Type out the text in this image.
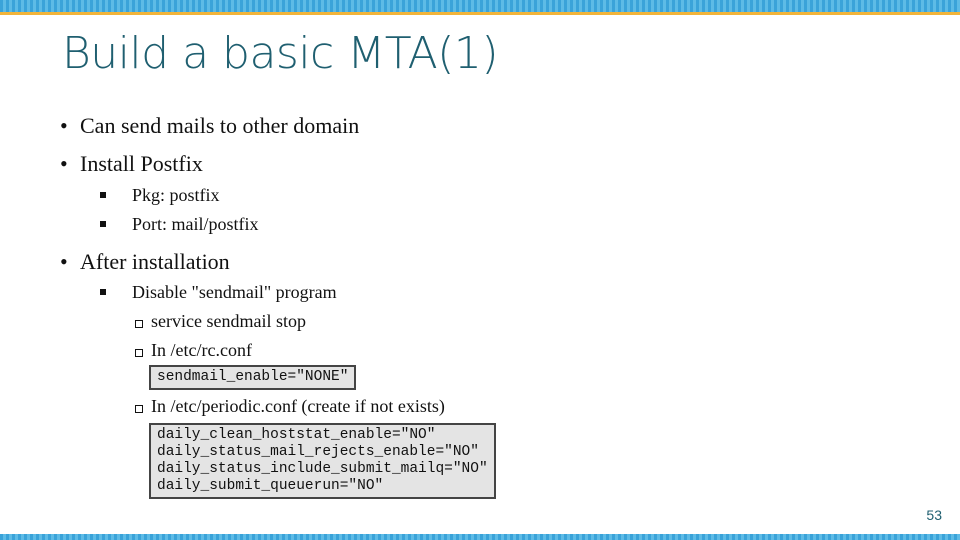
Build a basic MTA(1)
• Can send mails to other domain
• Install Postfix
Pkg: postfix
Port: mail/postfix
• After installation
Disable "sendmail" program
service sendmail stop
In /etc/rc.conf
sendmail_enable="NONE"
In /etc/periodic.conf (create if not exists)
daily_clean_hoststat_enable="NO"
daily_status_mail_rejects_enable="NO"
daily_status_include_submit_mailq="NO"
daily_submit_queuerun="NO"
53
